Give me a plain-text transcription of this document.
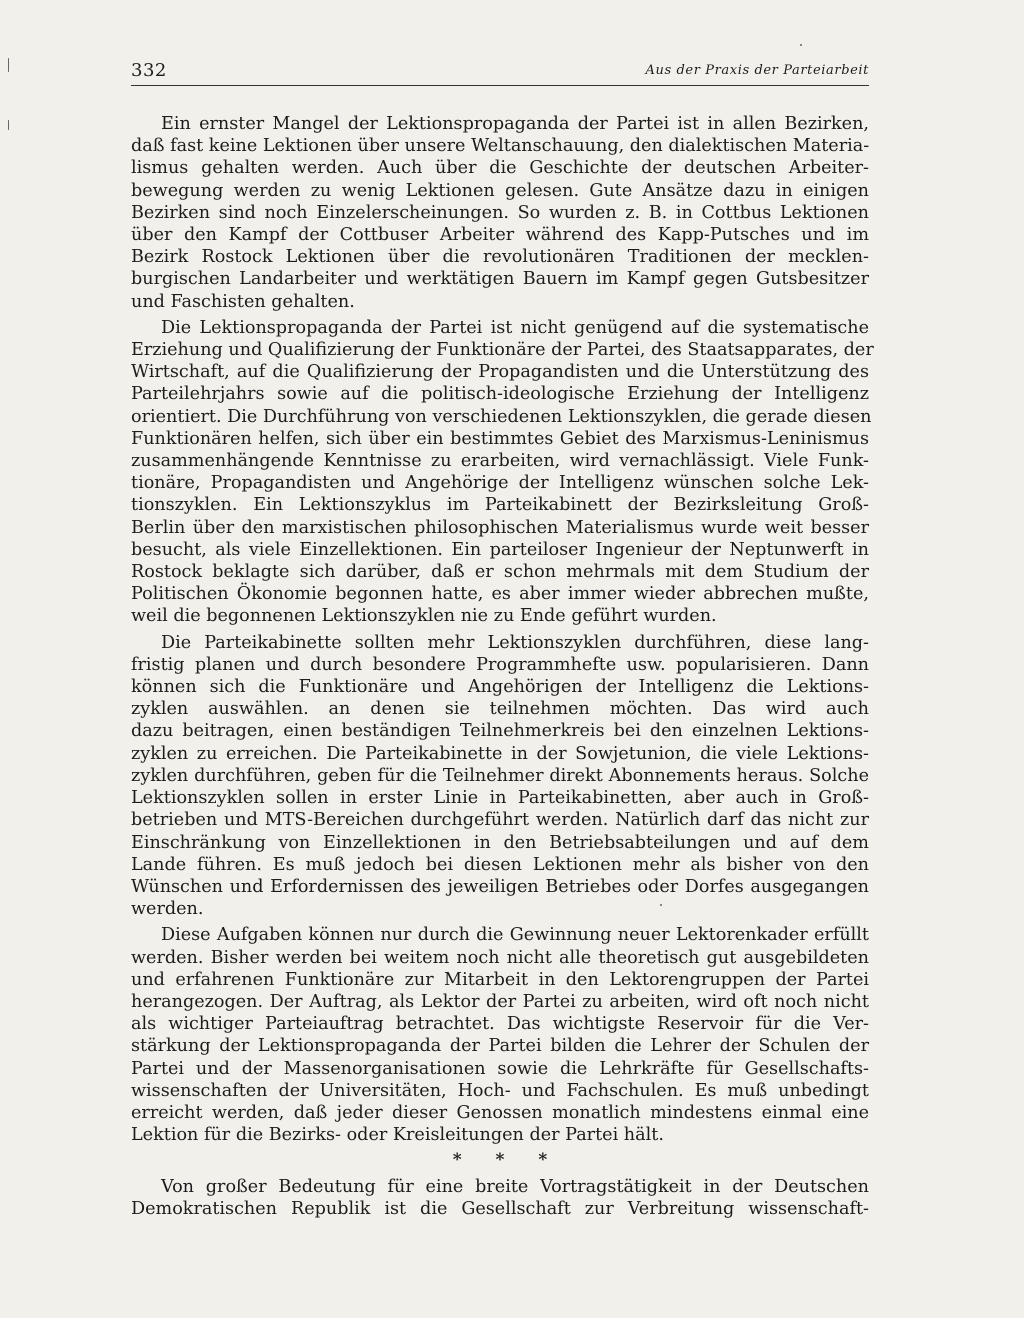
332	Aus der Praxis der Parteiarbeit
Ein ernster Mangel der Lektionspropaganda der Partei ist in allen Bezirken,
daß fast keine Lektionen über unsere Weltanschauung, den dialektischen Materia-
lismus gehalten werden. Auch über die Geschichte der deutschen Arbeiter-
bewegung werden zu wenig Lektionen gelesen. Gute Ansätze dazu in einigen
Bezirken sind noch Einzelerscheinungen. So wurden z. B. in Cottbus Lektionen
über den Kampf der Cottbuser Arbeiter während des Kapp-Putsches und im
Bezirk Rostock Lektionen über die revolutionären Traditionen der mecklen-
burgischen Landarbeiter und werktätigen Bauern im Kampf gegen Gutsbesitzer
und Faschisten gehalten.
Die Lektionspropaganda der Partei ist nicht genügend auf die systematische
Erziehung und Qualifizierung der Funktionäre der Partei, des Staatsapparates, der
Wirtschaft, auf die Qualifizierung der Propagandisten und die Unterstützung des
Parteilehrjahrs sowie auf die politisch-ideologische Erziehung der Intelligenz
orientiert. Die Durchführung von verschiedenen Lektionszyklen, die gerade diesen
Funktionären helfen, sich über ein bestimmtes Gebiet des Marxismus-Leninismus
zusammenhängende Kenntnisse zu erarbeiten, wird vernachlässigt. Viele Funk-
tionäre, Propagandisten und Angehörige der Intelligenz wünschen solche Lek-
tionszyklen. Ein Lektionszyklus im Parteikabinett der Bezirksleitung Groß-
Berlin über den marxistischen philosophischen Materialismus wurde weit besser
besucht, als viele Einzellektionen. Ein parteiloser Ingenieur der Neptunwerft in
Rostock beklagte sich darüber, daß er schon mehrmals mit dem Studium der
Politischen Ökonomie begonnen hatte, es aber immer wieder abbrechen mußte,
weil die begonnenen Lektionszyklen nie zu Ende geführt wurden.
Die Parteikabinette sollten mehr Lektionszyklen durchführen, diese lang-
fristig planen und durch besondere Programmhefte usw. popularisieren. Dann
können sich die Funktionäre und Angehörigen der Intelligenz die Lektions-
zyklen auswählen. an denen sie teilnehmen möchten. Das wird auch
dazu beitragen, einen beständigen Teilnehmerkreis bei den einzelnen Lektions-
zyklen zu erreichen. Die Parteikabinette in der Sowjetunion, die viele Lektions-
zyklen durchführen, geben für die Teilnehmer direkt Abonnements heraus. Solche
Lektionszyklen sollen in erster Linie in Parteikabinetten, aber auch in Groß-
betrieben und MTS-Bereichen durchgeführt werden. Natürlich darf das nicht zur
Einschränkung von Einzellektionen in den Betriebsabteilungen und auf dem
Lande führen. Es muß jedoch bei diesen Lektionen mehr als bisher von den
Wünschen und Erfordernissen des jeweiligen Betriebes oder Dorfes ausgegangen
werden.
Diese Aufgaben können nur durch die Gewinnung neuer Lektorenkader erfüllt
werden. Bisher werden bei weitem noch nicht alle theoretisch gut ausgebildeten
und erfahrenen Funktionäre zur Mitarbeit in den Lektorengruppen der Partei
herangezogen. Der Auftrag, als Lektor der Partei zu arbeiten, wird oft noch nicht
als wichtiger Parteiauftrag betrachtet. Das wichtigste Reservoir für die Ver-
stärkung der Lektionspropaganda der Partei bilden die Lehrer der Schulen der
Partei und der Massenorganisationen sowie die Lehrkräfte für Gesellschafts-
wissenschaften der Universitäten, Hoch- und Fachschulen. Es muß unbedingt
erreicht werden, daß jeder dieser Genossen monatlich mindestens einmal eine
Lektion für die Bezirks- oder Kreisleitungen der Partei hält.
* * *
Von großer Bedeutung für eine breite Vortragstätigkeit in der Deutschen
Demokratischen Republik ist die Gesellschaft zur Verbreitung wissenschaft-
